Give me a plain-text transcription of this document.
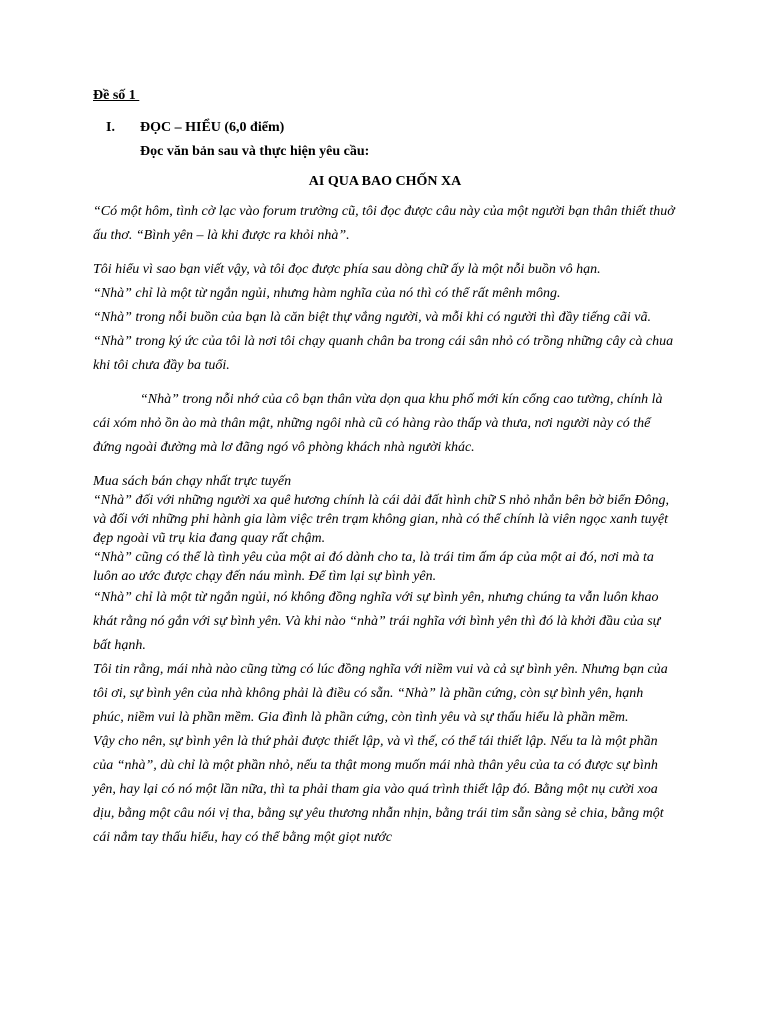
Đề số 1
I.	ĐỌC – HIỂU (6,0 điểm)
Đọc văn bản sau và thực hiện yêu cầu:
AI QUA BAO CHỐN XA

“Có một hôm, tình cờ lạc vào forum trường cũ, tôi đọc được câu này của một người bạn thân thiết thuở ấu thơ. “Bình yên – là khi được ra khỏi nhà”.

Tôi hiểu vì sao bạn viết vậy, và tôi đọc được phía sau dòng chữ ấy là một nỗi buồn vô hạn.

“Nhà” chỉ là một từ ngắn ngủi, nhưng hàm nghĩa của nó thì có thể rất mênh mông.

“Nhà” trong nỗi buồn của bạn là căn biệt thự vắng người, và mỗi khi có người thì đầy tiếng cãi vã.

“Nhà” trong ký ức của tôi là nơi tôi chạy quanh chân ba trong cái sân nhỏ có trồng những cây cà chua khi tôi chưa đầy ba tuổi.

“Nhà” trong nỗi nhớ của cô bạn thân vừa dọn qua khu phố mới kín cổng cao tường, chính là cái xóm nhỏ ồn ào mà thân mật, những ngôi nhà cũ có hàng rào thấp và thưa, nơi người này có thể đứng ngoài đường mà lơ đãng ngó vô phòng khách nhà người khác.

Mua sách bán chạy nhất trực tuyến

“Nhà” đối với những người xa quê hương chính là cái dải đất hình chữ S nhỏ nhắn bên bờ biển Đông, và đối với những phi hành gia làm việc trên trạm không gian, nhà có thể chính là viên ngọc xanh tuyệt đẹp ngoài vũ trụ kia đang quay rất chậm.

“Nhà” cũng có thể là tình yêu của một ai đó dành cho ta, là trái tim ấm áp của một ai đó, nơi mà ta luôn ao ước được chạy đến náu mình. Để tìm lại sự bình yên.

“Nhà” chỉ là một từ ngắn ngủi, nó không đồng nghĩa với sự bình yên, nhưng chúng ta vẫn luôn khao khát rằng nó gắn với sự bình yên. Và khi nào “nhà” trái nghĩa với bình yên thì đó là khởi đầu của sự bất hạnh.

Tôi tin rằng, mái nhà nào cũng từng có lúc đồng nghĩa với niềm vui và cả sự bình yên. Nhưng bạn của tôi ơi, sự bình yên của nhà không phải là điều có sẵn. “Nhà” là phần cứng, còn sự bình yên, hạnh phúc, niềm vui là phần mềm. Gia đình là phần cứng, còn tình yêu và sự thấu hiểu là phần mềm.

Vậy cho nên, sự bình yên là thứ phải được thiết lập, và vì thế, có thể tái thiết lập. Nếu ta là một phần của “nhà”, dù chỉ là một phần nhỏ, nếu ta thật mong muốn mái nhà thân yêu của ta có được sự bình yên, hay lại có nó một lần nữa, thì ta phải tham gia vào quá trình thiết lập đó. Bằng một nụ cười xoa dịu, bằng một câu nói vị tha, bằng sự yêu thương nhẫn nhịn, bằng trái tim sẵn sàng sẻ chia, bằng một cái nắm tay thấu hiểu, hay có thể bằng một giọt nước
